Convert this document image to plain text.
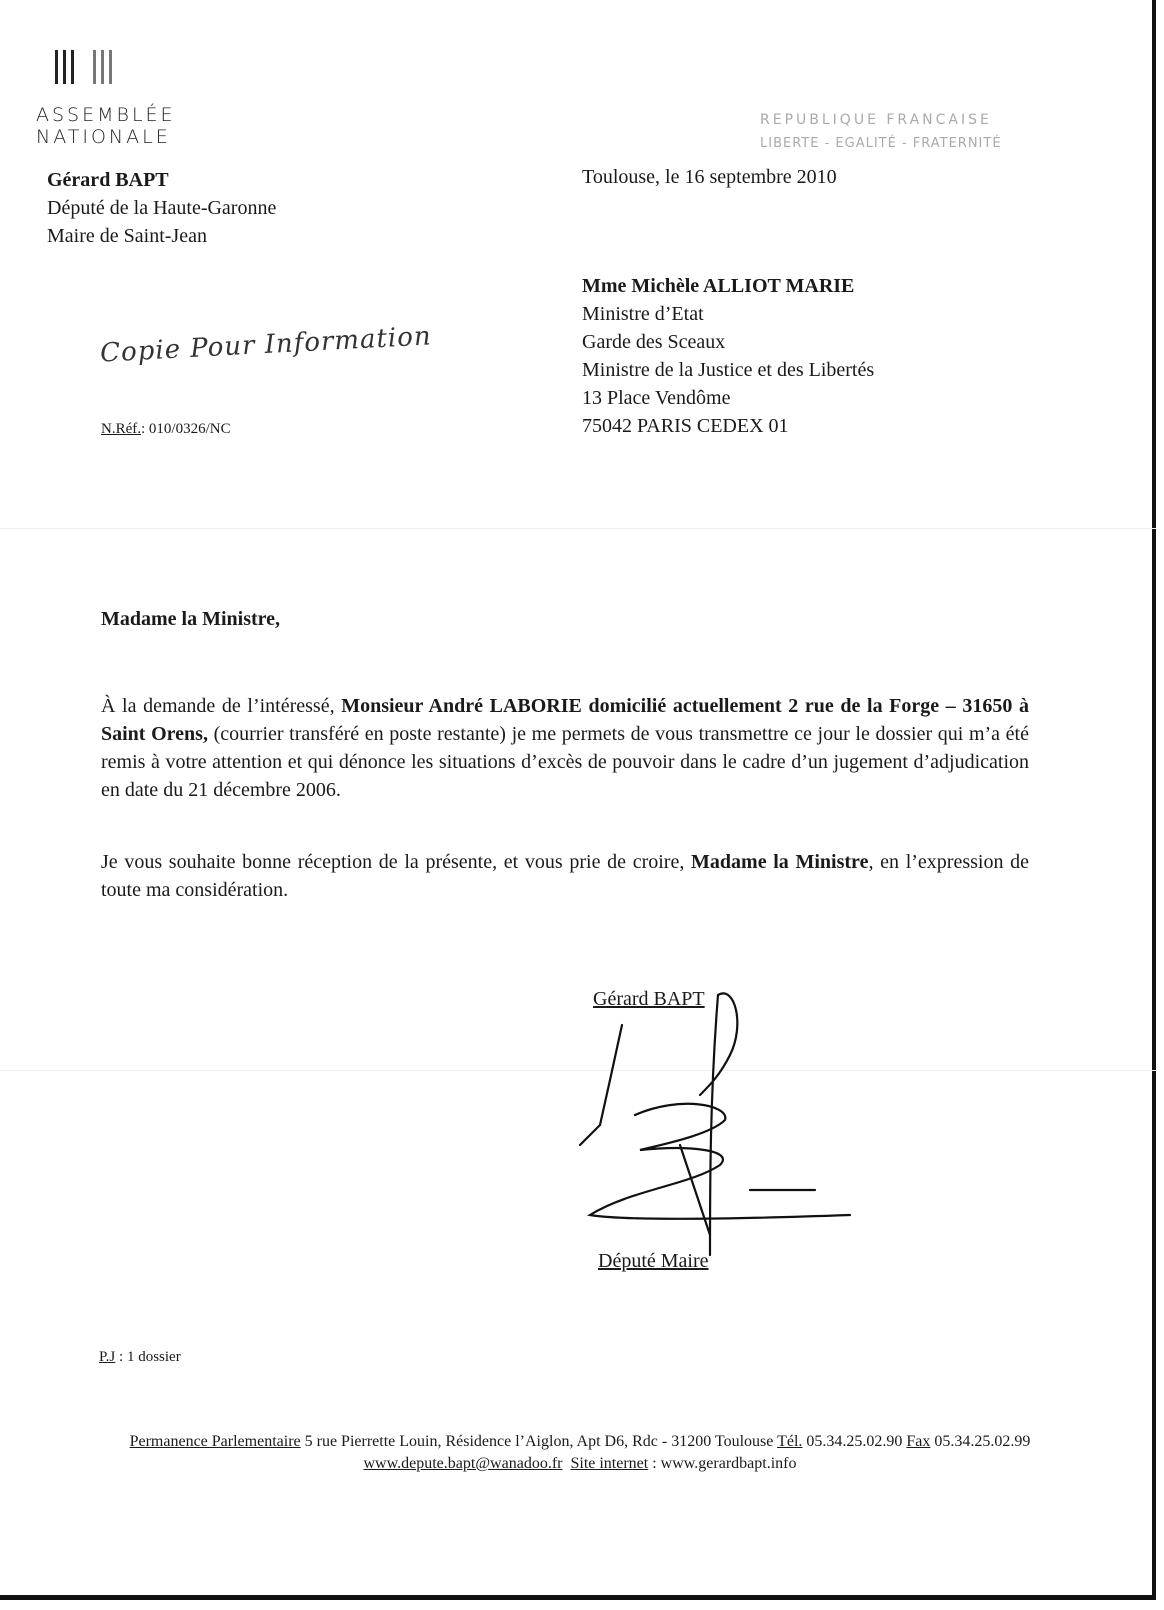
ASSEMBLÉE
NATIONALE
REPUBLIQUE FRANCAISE
LIBERTE - EGALITÉ - FRATERNITÉ
Gérard BAPT
Député de la Haute-Garonne
Maire de Saint-Jean
Toulouse, le 16 septembre 2010
Mme Michèle ALLIOT MARIE
Ministre d’Etat
Garde des Sceaux
Ministre de la Justice et des Libertés
13 Place Vendôme
75042 PARIS CEDEX 01
Copie Pour Information
N.Réf.: 010/0326/NC
Madame la Ministre,
À la demande de l’intéressé, Monsieur André LABORIE domicilié actuellement 2 rue de la Forge – 31650 à Saint Orens, (courrier transféré en poste restante) je me permets de vous transmettre ce jour le dossier qui m’a été remis à votre attention et qui dénonce les situations d’excès de pouvoir dans le cadre d’un jugement d’adjudication en date du 21 décembre 2006.
Je vous souhaite bonne réception de la présente, et vous prie de croire, Madame la Ministre, en l’expression de toute ma considération.
Gérard BAPT
Député Maire
P.J : 1 dossier
Permanence Parlementaire 5 rue Pierrette Louin, Résidence l’Aiglon, Apt D6, Rdc - 31200 Toulouse Tél. 05.34.25.02.90 Fax 05.34.25.02.99
www.depute.bapt@wanadoo.fr Site internet : www.gerardbapt.info
